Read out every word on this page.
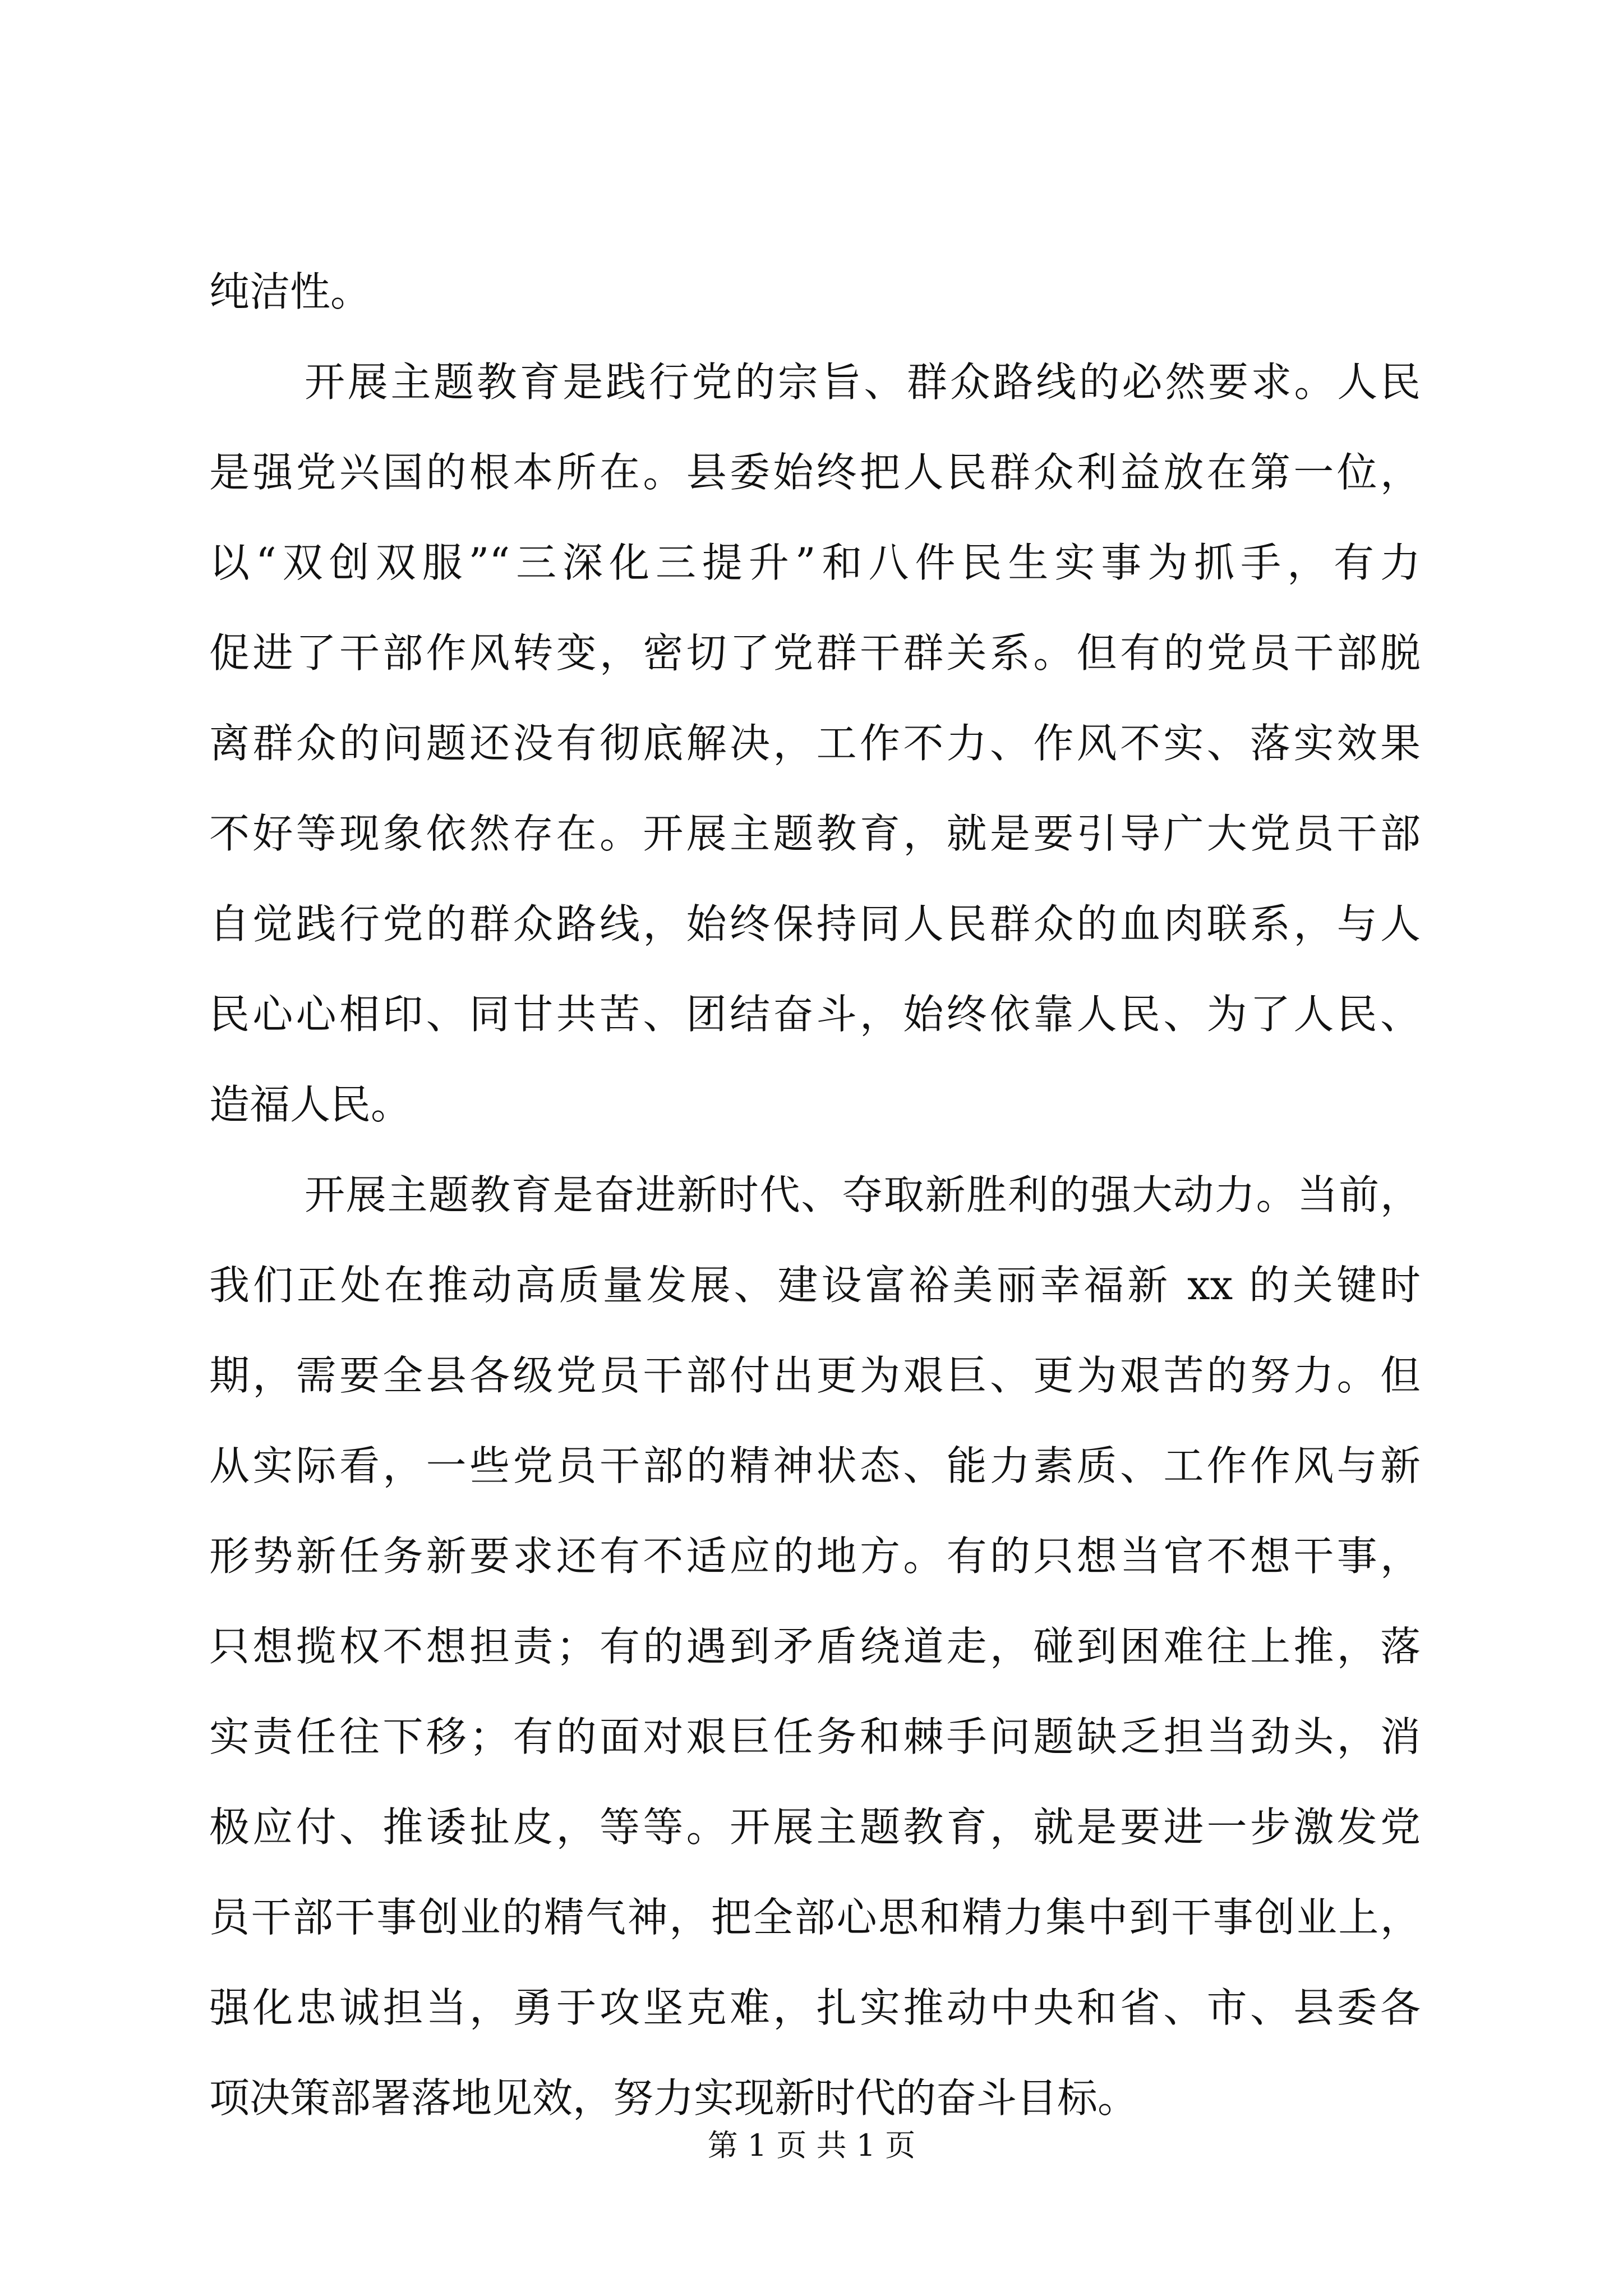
纯洁性。
开展主题教育是践行党的宗旨、群众路线的必然要求。人民
是强党兴国的根本所在。县委始终把人民群众利益放在第一位，
以“双创双服”“三深化三提升”和八件民生实事为抓手，有力
促进了干部作风转变，密切了党群干群关系。但有的党员干部脱
离群众的问题还没有彻底解决，工作不力、作风不实、落实效果
不好等现象依然存在。开展主题教育，就是要引导广大党员干部
自觉践行党的群众路线，始终保持同人民群众的血肉联系，与人
民心心相印、同甘共苦、团结奋斗，始终依靠人民、为了人民、
造福人民。
开展主题教育是奋进新时代、夺取新胜利的强大动力。当前，
我们正处在推动高质量发展、建设富裕美丽幸福新 xx 的关键时
期，需要全县各级党员干部付出更为艰巨、更为艰苦的努力。但
从实际看，一些党员干部的精神状态、能力素质、工作作风与新
形势新任务新要求还有不适应的地方。有的只想当官不想干事，
只想揽权不想担责；有的遇到矛盾绕道走，碰到困难往上推，落
实责任往下移；有的面对艰巨任务和棘手问题缺乏担当劲头，消
极应付、推诿扯皮，等等。开展主题教育，就是要进一步激发党
员干部干事创业的精气神，把全部心思和精力集中到干事创业上，
强化忠诚担当，勇于攻坚克难，扎实推动中央和省、市、县委各
项决策部署落地见效，努力实现新时代的奋斗目标。
第 1 页 共 1 页
